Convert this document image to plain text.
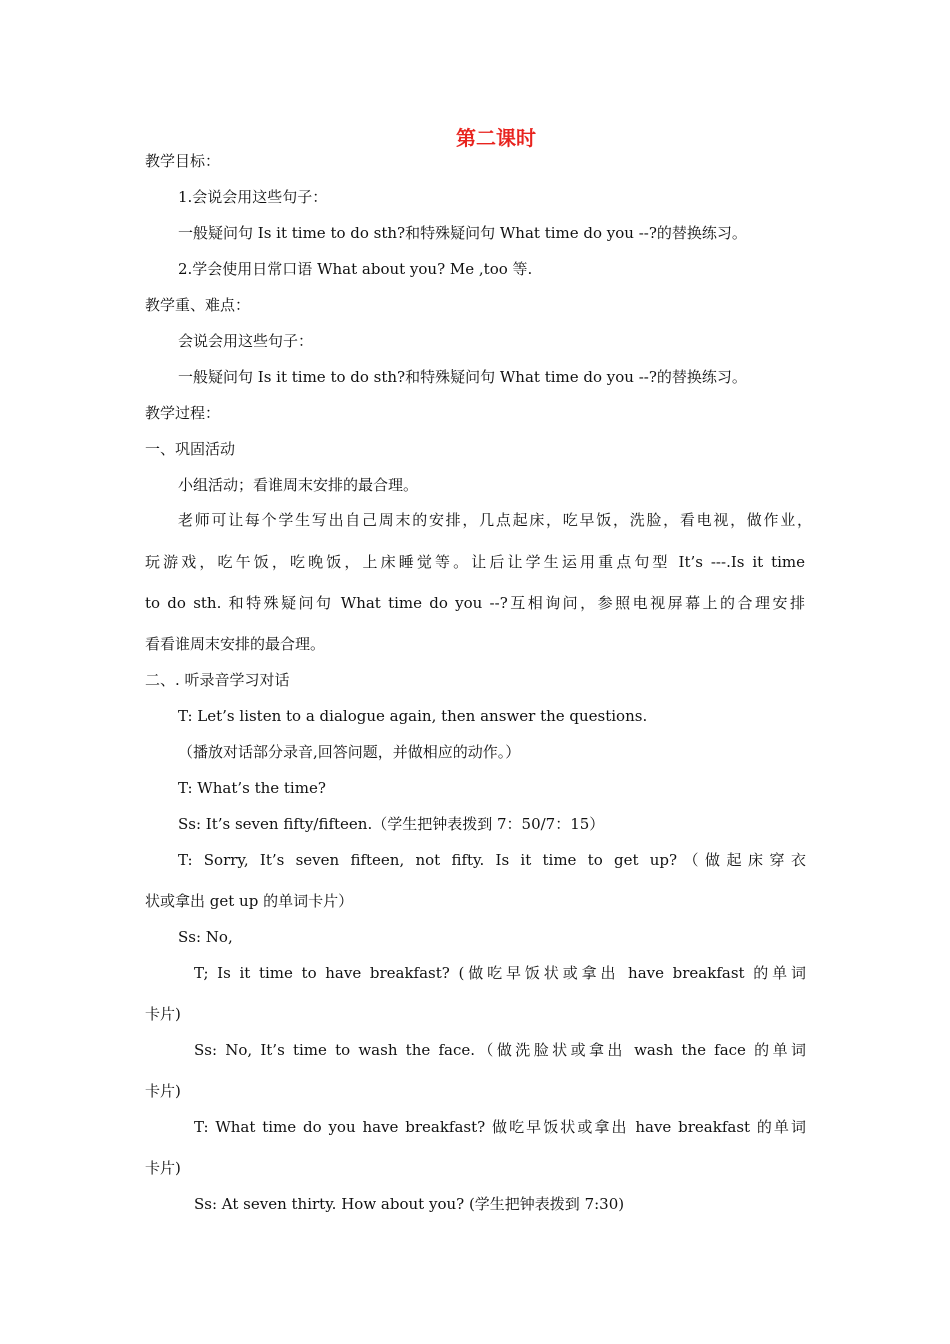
第二课时
教学目标：
1.会说会用这些句子：
一般疑问句 Is it time to do sth?和特殊疑问句 What time do you --?的替换练习。
2.学会使用日常口语 What about you? Me ,too 等.
教学重、难点：
会说会用这些句子：
一般疑问句 Is it time to do sth?和特殊疑问句 What time do you --?的替换练习。
教学过程：
一、巩固活动
小组活动；看谁周末安排的最合理。
老师可让每个学生写出自己周末的安排，几点起床，吃早饭，洗脸，看电视，做作业，
玩游戏，吃午饭，吃晚饭，上床睡觉等。让后让学生运用重点句型 It’s ---.Is it time
to do sth. 和特殊疑问句 What time do you --?互相询问，参照电视屏幕上的合理安排
看看谁周末安排的最合理。
二、. 听录音学习对话
T: Let’s listen to a dialogue again, then answer the questions.
（播放对话部分录音,回答问题，并做相应的动作。）
T: What’s the time?
Ss: It’s seven fifty/fifteen.（学生把钟表拨到 7：50/7：15）
T: Sorry, It’s seven fifteen, not fifty. Is it time to get up?（做起床穿衣
状或拿出 get up 的单词卡片）
Ss: No,
T; Is it time to have breakfast? (做吃早饭状或拿出 have breakfast 的单词
卡片)
Ss: No, It’s time to wash the face.（做洗脸状或拿出 wash the face 的单词
卡片)
T: What time do you have breakfast? 做吃早饭状或拿出 have breakfast 的单词
卡片)
Ss: At seven thirty. How about you? (学生把钟表拨到 7:30)
